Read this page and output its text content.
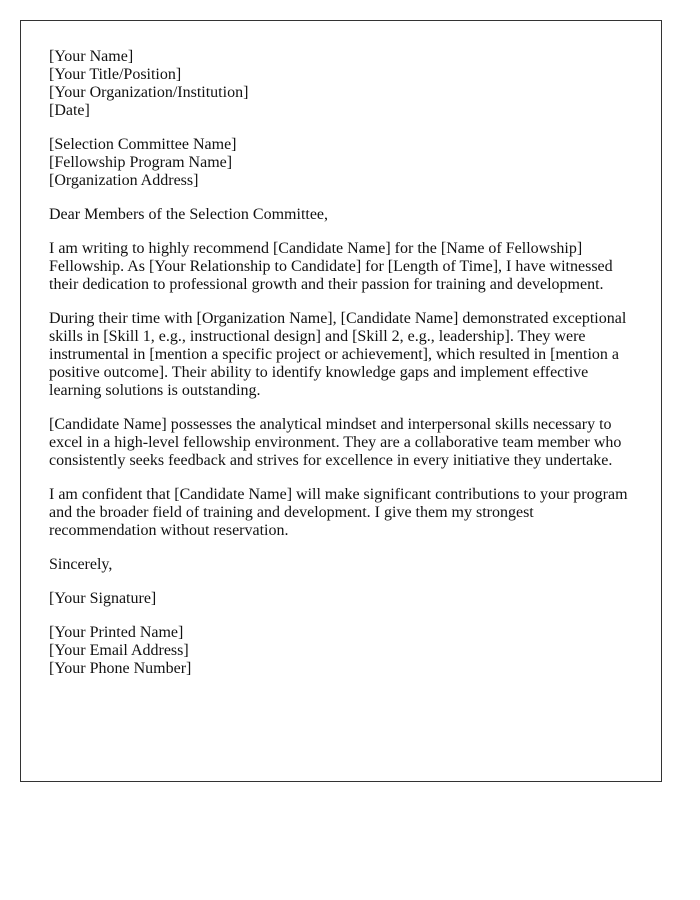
[Your Name]
[Your Title/Position]
[Your Organization/Institution]
[Date]

[Selection Committee Name]
[Fellowship Program Name]
[Organization Address]

Dear Members of the Selection Committee,

I am writing to highly recommend [Candidate Name] for the [Name of Fellowship] Fellowship. As [Your Relationship to Candidate] for [Length of Time], I have witnessed their dedication to professional growth and their passion for training and development.

During their time with [Organization Name], [Candidate Name] demonstrated exceptional skills in [Skill 1, e.g., instructional design] and [Skill 2, e.g., leadership]. They were instrumental in [mention a specific project or achievement], which resulted in [mention a positive outcome]. Their ability to identify knowledge gaps and implement effective learning solutions is outstanding.

[Candidate Name] possesses the analytical mindset and interpersonal skills necessary to excel in a high-level fellowship environment. They are a collaborative team member who consistently seeks feedback and strives for excellence in every initiative they undertake.

I am confident that [Candidate Name] will make significant contributions to your program and the broader field of training and development. I give them my strongest recommendation without reservation.

Sincerely,

[Your Signature]

[Your Printed Name]
[Your Email Address]
[Your Phone Number]
